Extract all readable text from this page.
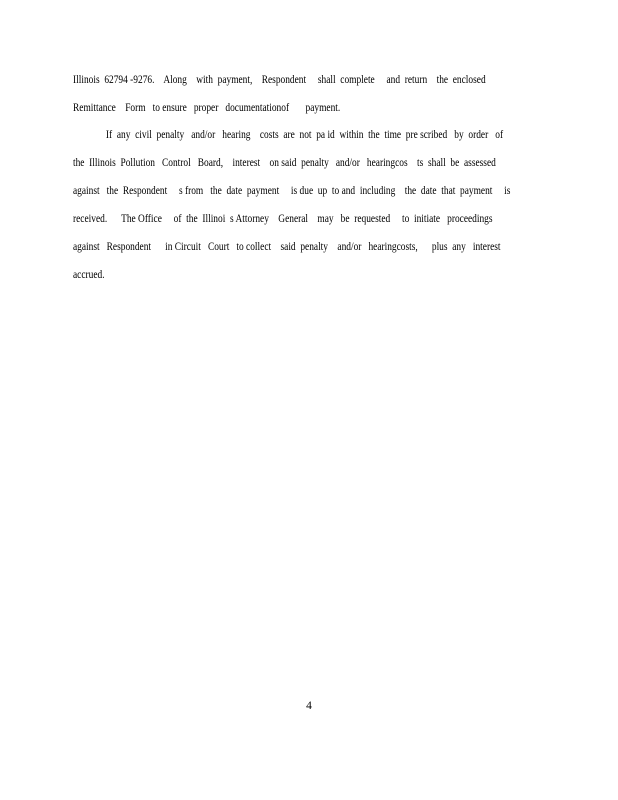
Illinois  62794 -9276.    Along    with  payment,    Respondent     shall  complete     and  return    the  enclosed
Remittance    Form   to ensure   proper   documentationof       payment.
If  any  civil  penalty   and/or   hearing    costs  are  not  pa id  within  the  time  pre scribed   by  order   of
the  Illinois  Pollution   Control   Board,    interest    on said  penalty   and/or   hearingcos    ts  shall  be  assessed
against   the  Respondent     s from   the  date  payment     is due  up  to and  including    the  date  that  payment     is
received.      The Office     of  the  Illinoi  s Attorney    General    may   be  requested     to  initiate   proceedings
against   Respondent      in Circuit   Court   to collect    said  penalty    and/or   hearingcosts,      plus  any   interest
accrued.
4
